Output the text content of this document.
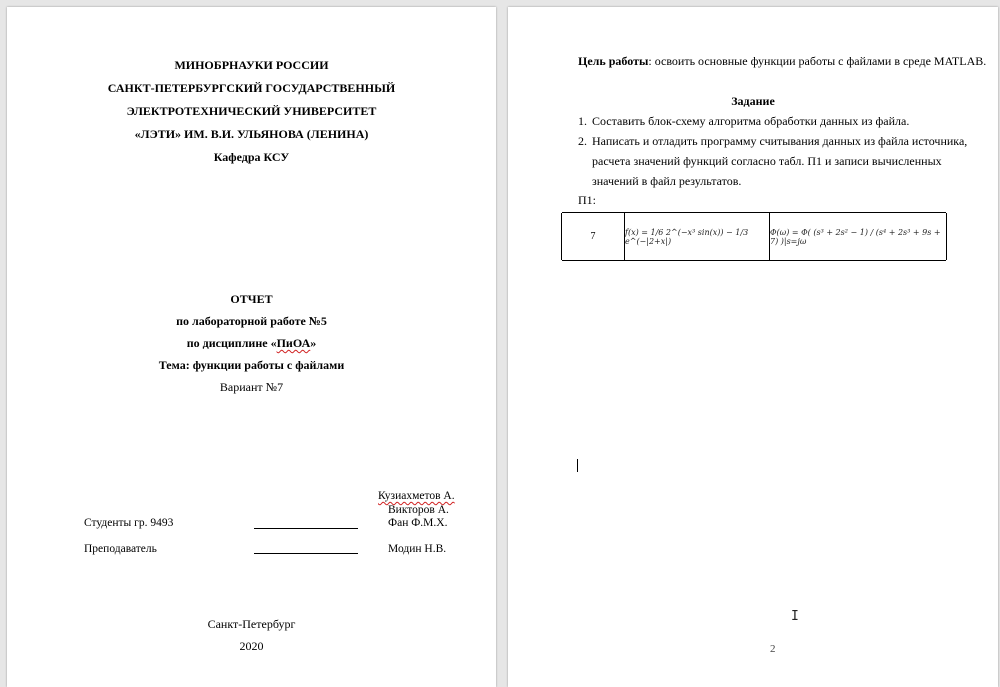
МИНОБРНАУКИ РОССИИ
САНКТ-ПЕТЕРБУРГСКИЙ ГОСУДАРСТВЕННЫЙ
ЭЛЕКТРОТЕХНИЧЕСКИЙ УНИВЕРСИТЕТ
«ЛЭТИ» ИМ. В.И. УЛЬЯНОВА (ЛЕНИНА)
Кафедра КСУ
ОТЧЕТ
по лабораторной работе №5
по дисциплине «ПиОА»
Тема: функции работы с файлами
Вариант №7
Кузиахметов А.
Викторов А.
Фан Ф.М.Х.
Студенты гр. 9493
Преподаватель	Модин Н.В.
Санкт-Петербург
2020
Цель работы: освоить основные функции работы с файлами в среде MATLAB.
Задание
1. Составить блок-схему алгоритма обработки данных из файла.
2. Написать и отладить программу считывания данных из файла источника, расчета значений функций согласно табл. П1 и записи вычисленных значений в файл результатов.
П1:
7	f(x) = 1/6 2^(−x³ sin(x)) − 1/3 e^(−|2+x|)
Φ(ω) = Φ( (s³ + 2s² − 1) / (s⁴ + 2s³ + 9s + 7) )|s=jω
I
2
